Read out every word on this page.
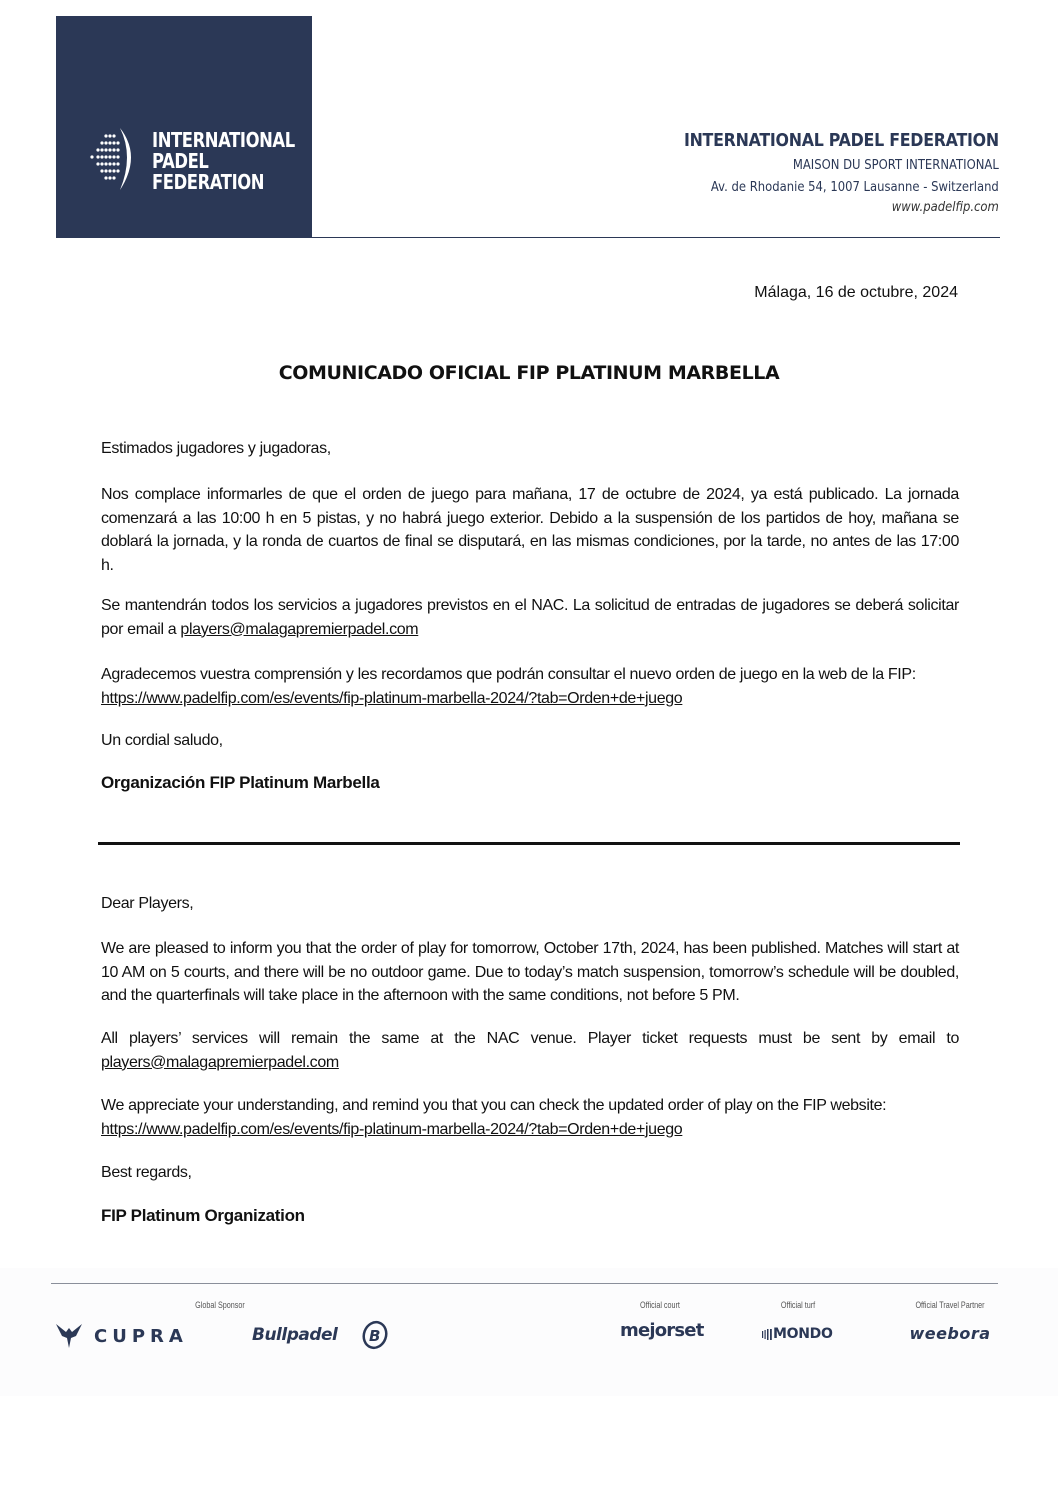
INTERNATIONAL
PADEL
FEDERATION
INTERNATIONAL PADEL FEDERATION
MAISON DU SPORT INTERNATIONAL
Av. de Rhodanie 54, 1007 Lausanne - Switzerland
www.padelfip.com
Málaga, 16 de octubre, 2024
COMUNICADO OFICIAL FIP PLATINUM MARBELLA

Estimados jugadores y jugadoras,

Nos complace informarles de que el orden de juego para mañana, 17 de octubre de 2024, ya está publicado. La jornada comenzará a las 10:00 h en 5 pistas, y no habrá juego exterior. Debido a la suspensión de los partidos de hoy, mañana se doblará la jornada, y la ronda de cuartos de final se disputará, en las mismas condiciones, por la tarde, no antes de las 17:00 h.

Se mantendrán todos los servicios a jugadores previstos en el NAC. La solicitud de entradas de jugadores se deberá solicitar por email a players@malagapremierpadel.com

Agradecemos vuestra comprensión y les recordamos que podrán consultar el nuevo orden de juego en la web de la FIP:

https://www.padelfip.com/es/events/fip-platinum-marbella-2024/?tab=Orden+de+juego

Un cordial saludo,

Organización FIP Platinum Marbella

Dear Players,

We are pleased to inform you that the order of play for tomorrow, October 17th, 2024, has been published. Matches will start at 10 AM on 5 courts, and there will be no outdoor game. Due to today’s match suspension, tomorrow’s schedule will be doubled, and the quarterfinals will take place in the afternoon with the same conditions, not before 5 PM.

All players’ services will remain the same at the NAC venue. Player ticket requests must be sent by email to players@malagapremierpadel.com

We appreciate your understanding, and remind you that you can check the updated order of play on the FIP website:

https://www.padelfip.com/es/events/fip-platinum-marbella-2024/?tab=Orden+de+juego

Best regards,

FIP Platinum Organization
Global Sponsor
CUPRA	Bullpadel B
Official court
mejorset
Official turf
MONDO
Official Travel Partner
weebora
